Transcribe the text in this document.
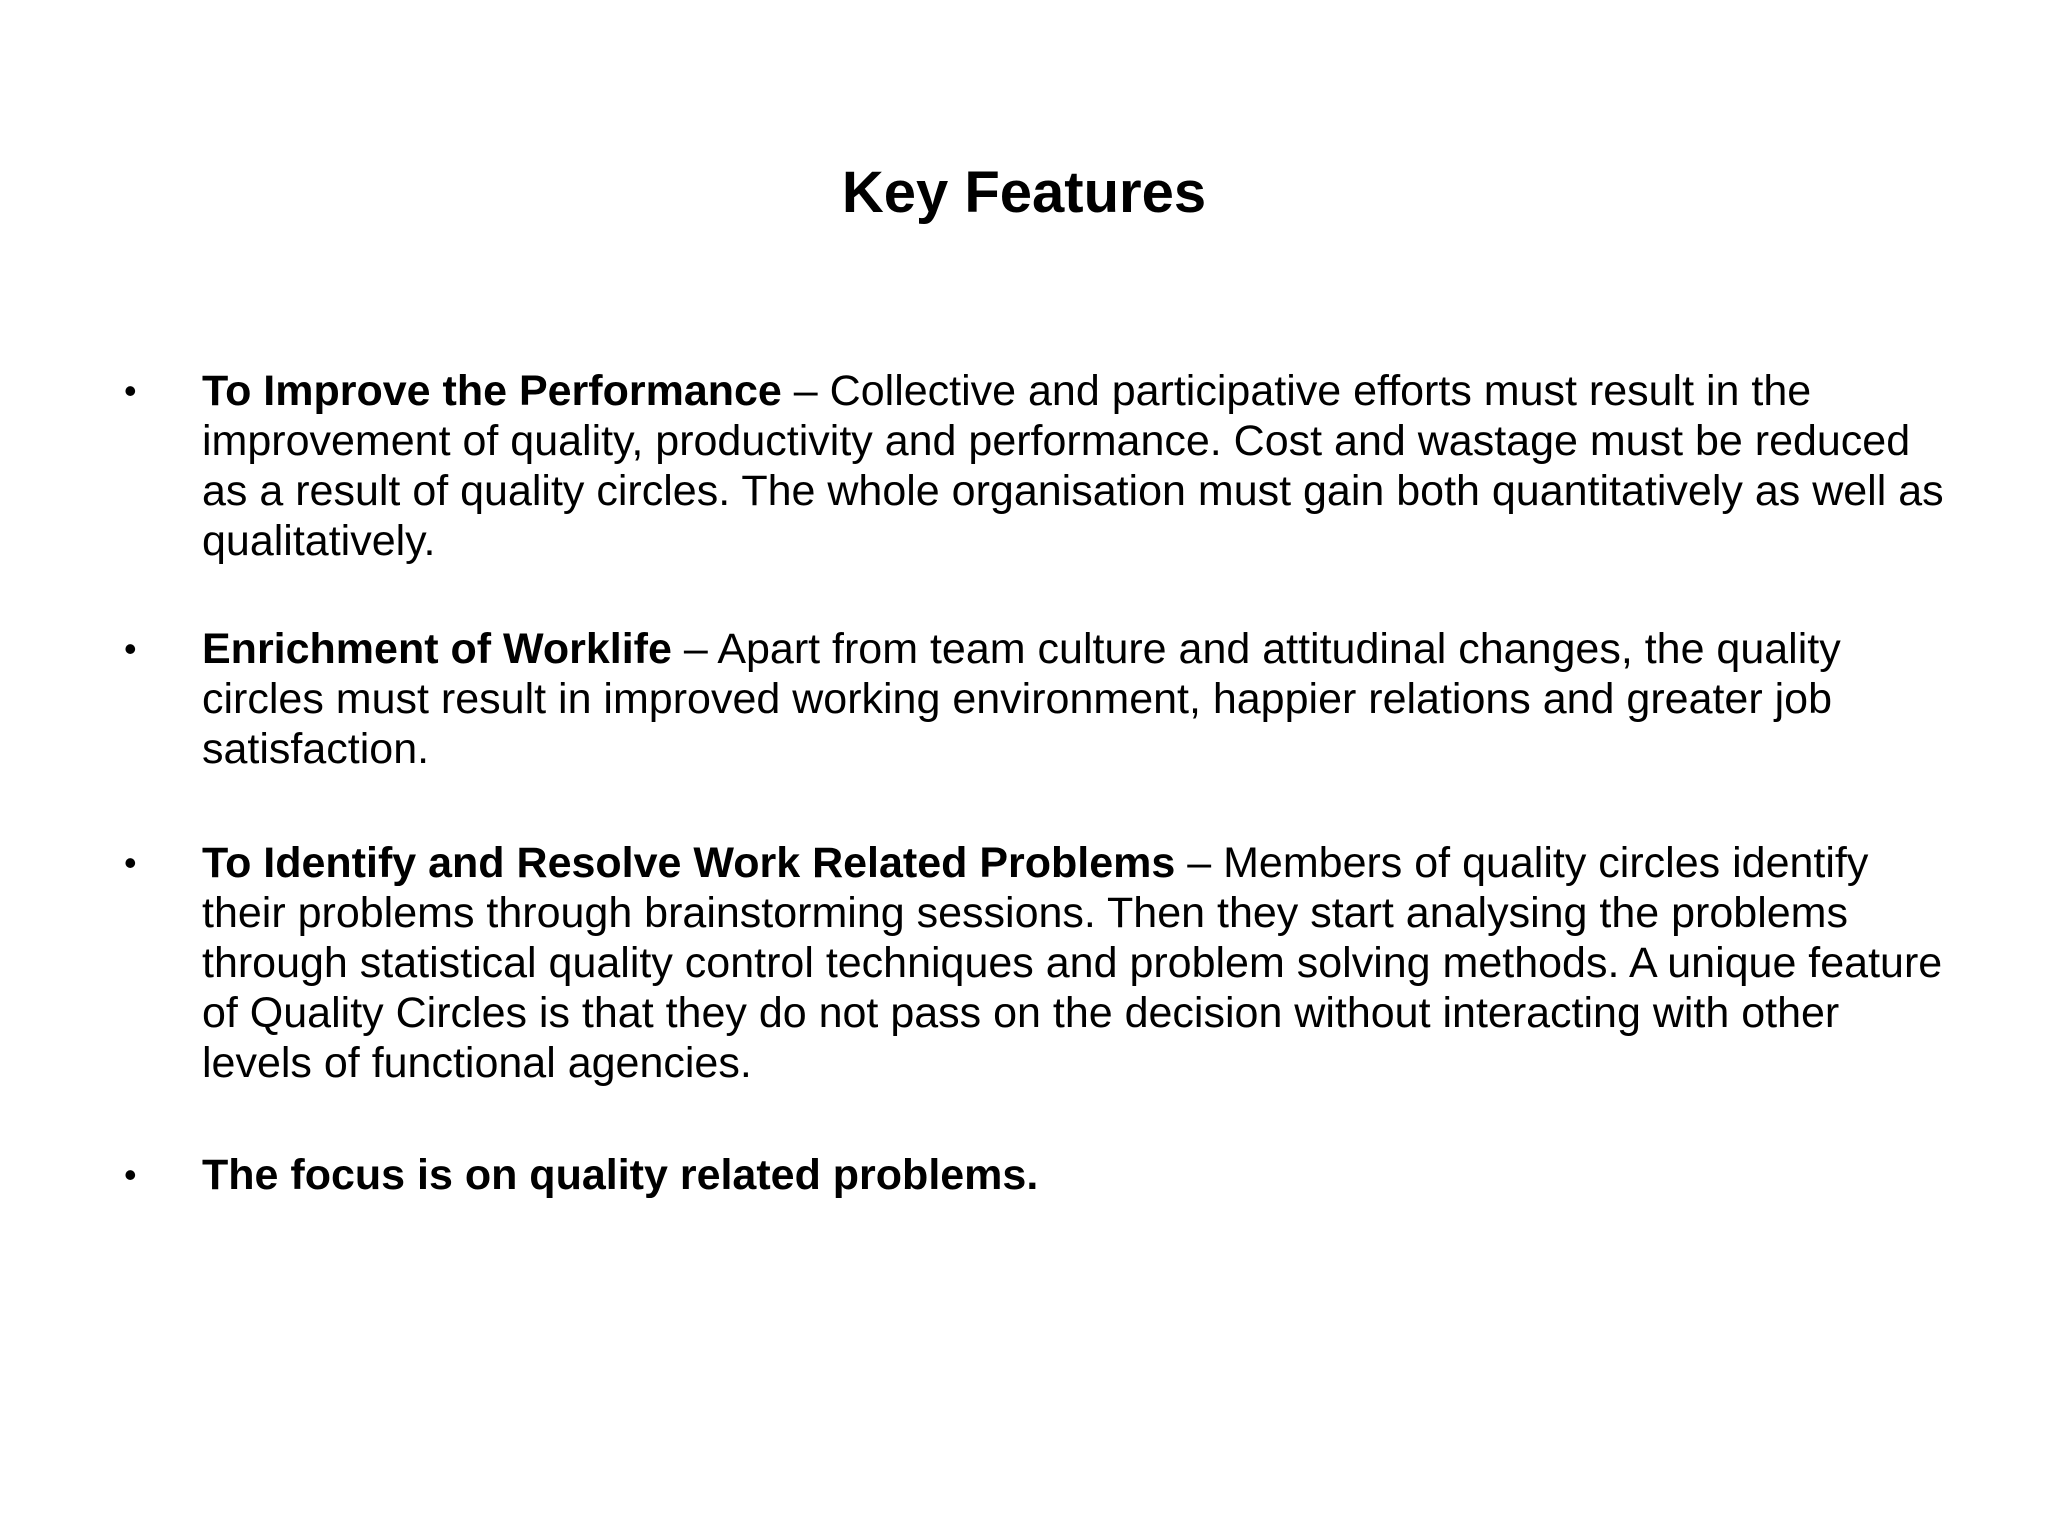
Key Features
• To Improve the Performance – Collective and participative efforts must result in the improvement of quality, productivity and performance. Cost and wastage must be reduced as a result of quality circles. The whole organisation must gain both quantitatively as well as qualitatively.
• Enrichment of Worklife – Apart from team culture and attitudinal changes, the quality circles must result in improved working environment, happier relations and greater job satisfaction.
• To Identify and Resolve Work Related Problems – Members of quality circles identify their problems through brainstorming sessions. Then they start analysing the problems through statistical quality control techniques and problem solving methods. A unique feature of Quality Circles is that they do not pass on the decision without interacting with other levels of functional agencies.
• The focus is on quality related problems.
